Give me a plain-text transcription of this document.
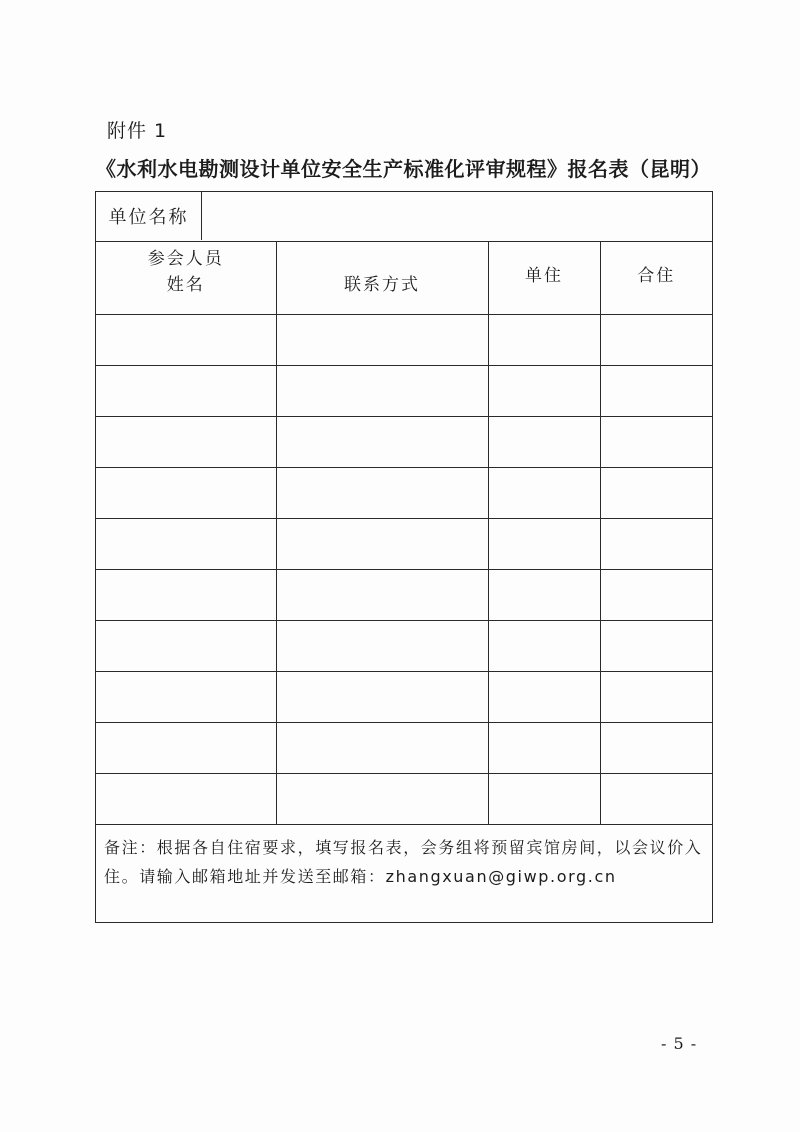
附件 1
《水利水电勘测设计单位安全生产标准化评审规程》报名表（昆明）
单位名称
参会人员
姓名	联系方式	单住	合住

备注：根据各自住宿要求，填写报名表，会务组将预留宾馆房间，以会议价入住。请输入邮箱地址并发送至邮箱：zhangxuan@giwp.org.cn
- 5 -
